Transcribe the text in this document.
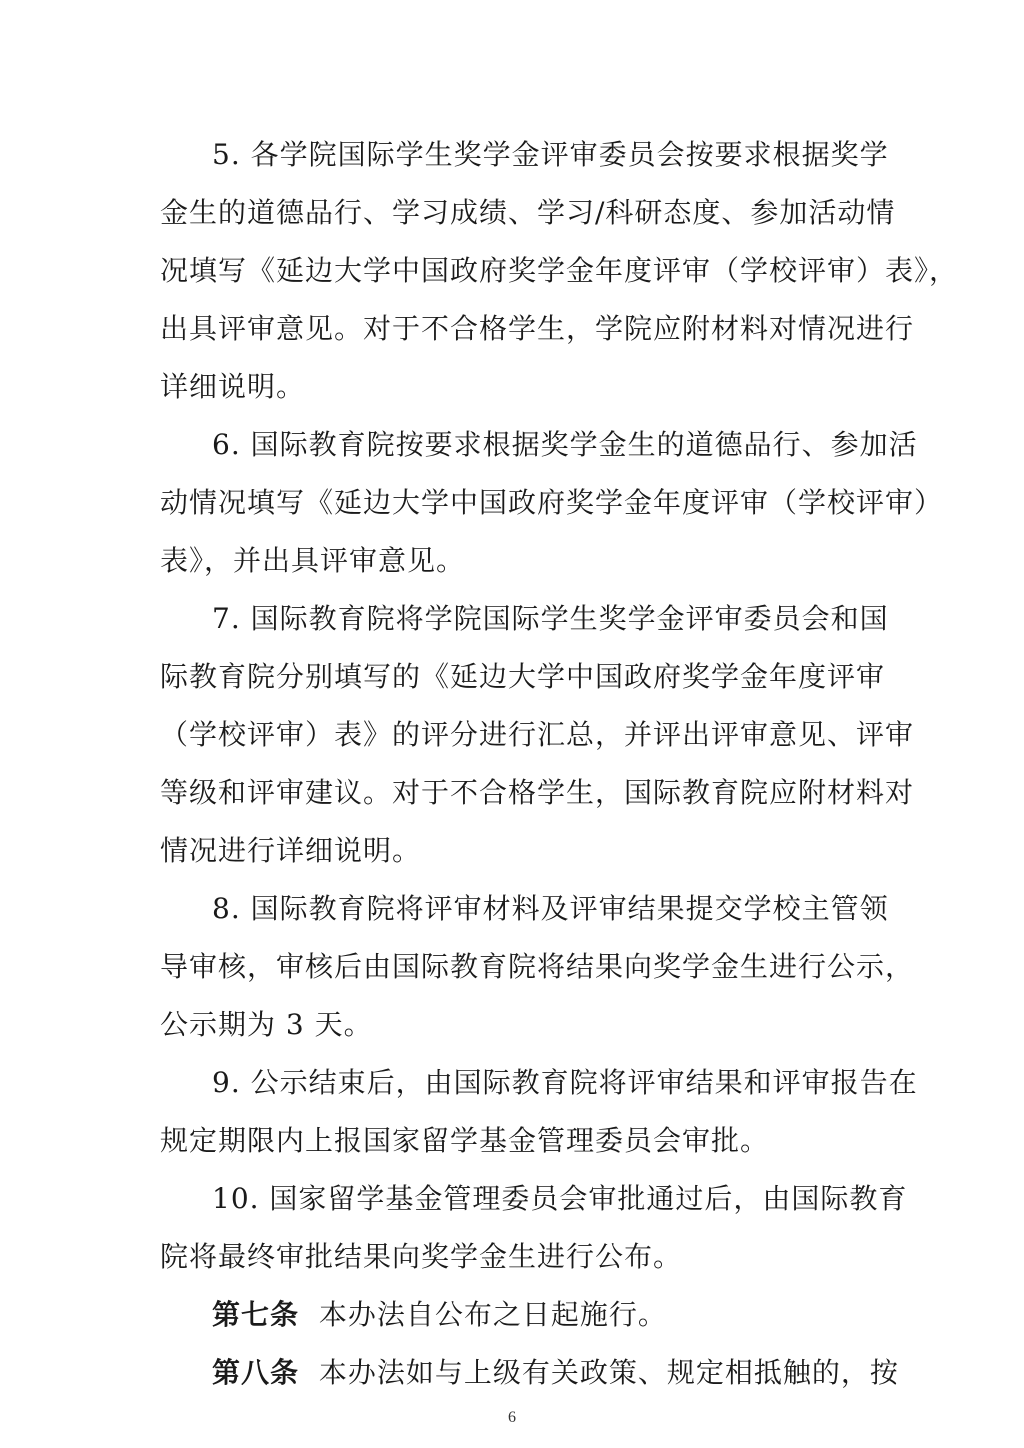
5. 各学院国际学生奖学金评审委员会按要求根据奖学
金生的道德品行、学习成绩、学习/科研态度、参加活动情
况填写《延边大学中国政府奖学金年度评审（学校评审）表》，
出具评审意见。对于不合格学生，学院应附材料对情况进行
详细说明。
6. 国际教育院按要求根据奖学金生的道德品行、参加活
动情况填写《延边大学中国政府奖学金年度评审（学校评审）
表》，并出具评审意见。
7. 国际教育院将学院国际学生奖学金评审委员会和国
际教育院分别填写的《延边大学中国政府奖学金年度评审
（学校评审）表》的评分进行汇总，并评出评审意见、评审
等级和评审建议。对于不合格学生，国际教育院应附材料对
情况进行详细说明。
8. 国际教育院将评审材料及评审结果提交学校主管领
导审核，审核后由国际教育院将结果向奖学金生进行公示，
公示期为 3 天。
9. 公示结束后，由国际教育院将评审结果和评审报告在
规定期限内上报国家留学基金管理委员会审批。
10. 国家留学基金管理委员会审批通过后，由国际教育
院将最终审批结果向奖学金生进行公布。
第七条 本办法自公布之日起施行。
第八条 本办法如与上级有关政策、规定相抵触的，按
6
